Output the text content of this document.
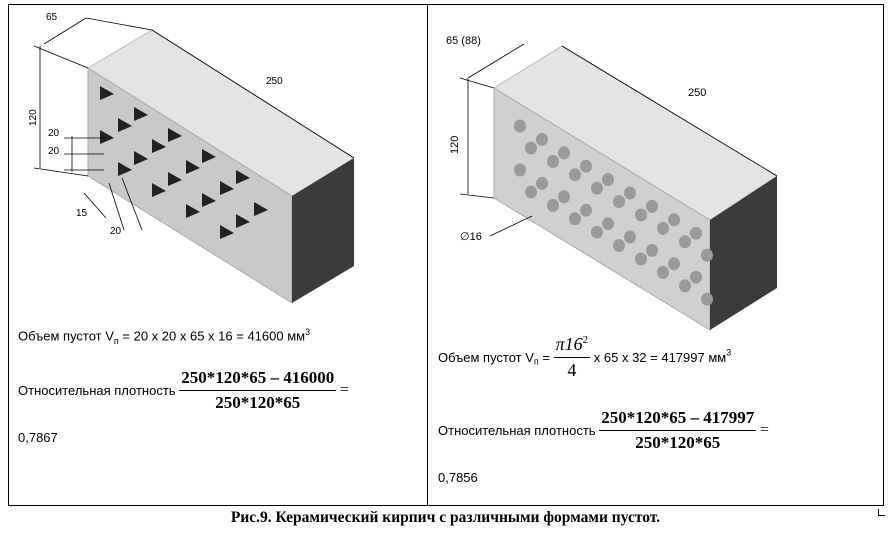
65
250
120
20
20
15
20
65 (88)
250
120
∅16
Объем пустот $V_п = 20$ х 20 х 65 х 16 = 41600 $мм^3$
Относительная плотность $\frac{250*120*65 - 416000}{250*120*65}$ =
0,7867
Объем пустот $V_п = \frac{\pi 16^2}{4}$ х 65 х 32 = 417997 $мм^3$
Относительная плотность $\frac{250*120*65 - 417997}{250*120*65}$ =
0,7856
Рис.9. Керамический кирпич с различными формами пустот.
